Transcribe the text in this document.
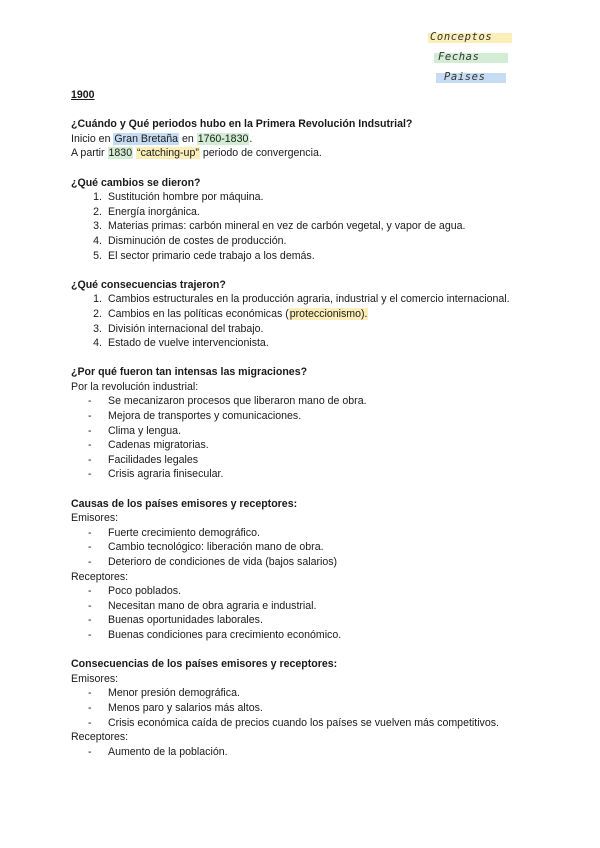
Conceptos
Fechas
Paises
1900
¿Cuándo y Qué periodos hubo en la Primera Revolución Indsutrial?

Inicio en Gran Bretaña en 1760-1830.

A partir 1830 “catching-up” periodo de convergencia.

¿Qué cambios se dieron?
1. Sustitución hombre por máquina.
2. Energía inorgánica.
3. Materias primas: carbón mineral en vez de carbón vegetal, y vapor de agua.
4. Disminución de costes de producción.
5. El sector primario cede trabajo a los demás.
¿Qué consecuencias trajeron?
1. Cambios estructurales en la producción agraria, industrial y el comercio internacional.
2. Cambios en las políticas económicas (proteccionismo).
3. División internacional del trabajo.
4. Estado de vuelve intervencionista.
¿Por qué fueron tan intensas las migraciones?

Por la revolución industrial:

-	Se mecanizaron procesos que liberaron mano de obra.
-	Mejora de transportes y comunicaciones.
-	Clima y lengua.
-	Cadenas migratorias.
-	Facilidades legales
-	Crisis agraria finisecular.
Causas de los países emisores y receptores:

Emisores:

-	Fuerte crecimiento demográfico.
-	Cambio tecnológico: liberación mano de obra.
-	Deterioro de condiciones de vida (bajos salarios)

Receptores:

-	Poco poblados.
-	Necesitan mano de obra agraria e industrial.
-	Buenas oportunidades laborales.
-	Buenas condiciones para crecimiento económico.
Consecuencias de los países emisores y receptores:

Emisores:

-	Menor presión demográfica.
-	Menos paro y salarios más altos.
-	Crisis económica caída de precios cuando los países se vuelven más competitivos.

Receptores:

-	Aumento de la población.
